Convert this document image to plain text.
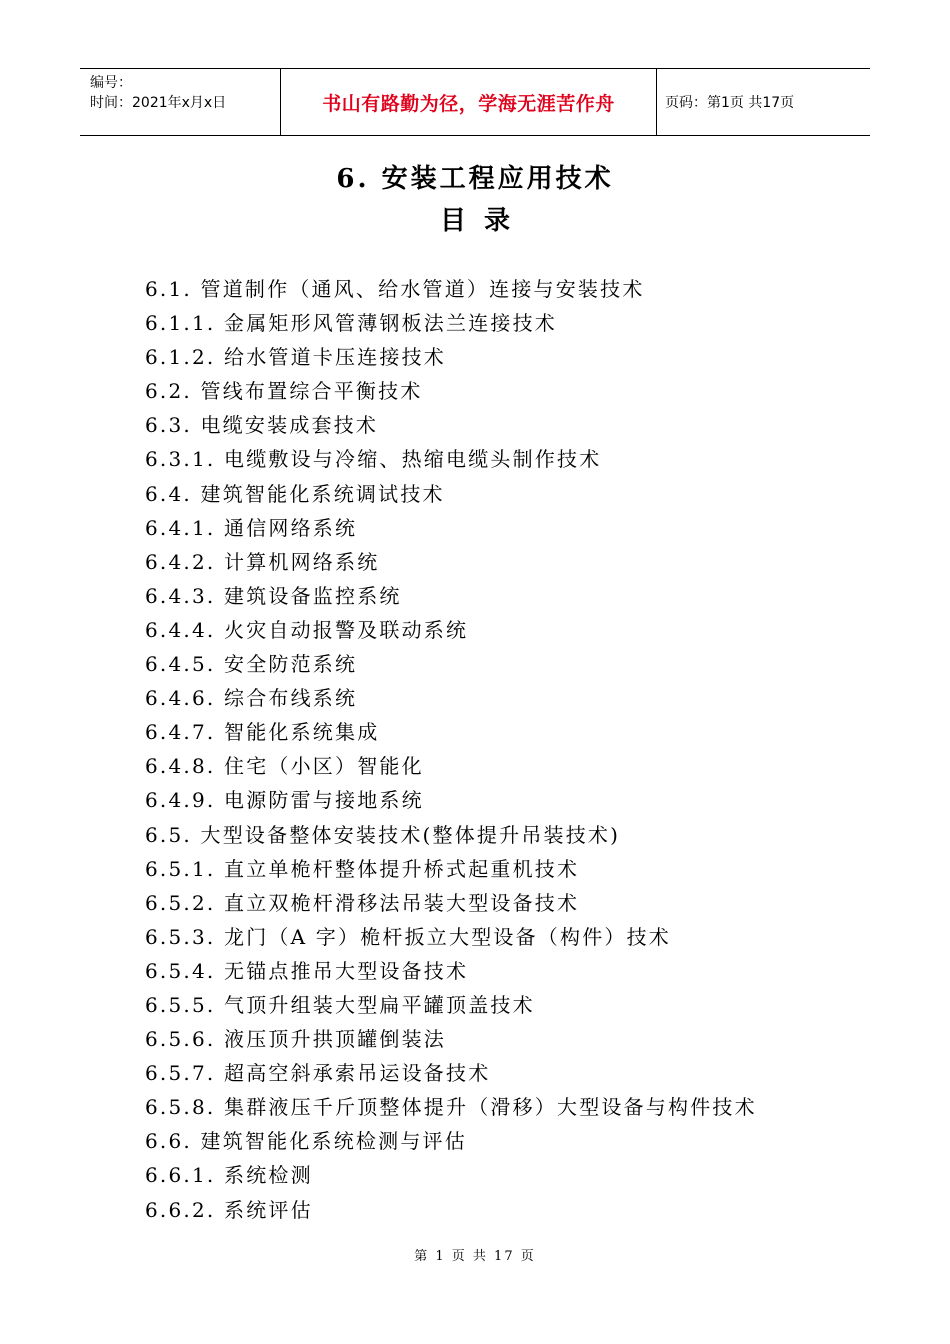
编号：
时间：2021年x月x日	书山有路勤为径，学海无涯苦作舟	页码：第1页 共17页
6. 安装工程应用技术
目  录
6.1. 管道制作（通风、给水管道）连接与安装技术
6.1.1. 金属矩形风管薄钢板法兰连接技术
6.1.2. 给水管道卡压连接技术
6.2. 管线布置综合平衡技术
6.3. 电缆安装成套技术
6.3.1. 电缆敷设与冷缩、热缩电缆头制作技术
6.4. 建筑智能化系统调试技术
6.4.1. 通信网络系统
6.4.2. 计算机网络系统
6.4.3. 建筑设备监控系统
6.4.4. 火灾自动报警及联动系统
6.4.5. 安全防范系统
6.4.6. 综合布线系统
6.4.7. 智能化系统集成
6.4.8. 住宅（小区）智能化
6.4.9. 电源防雷与接地系统
6.5. 大型设备整体安装技术(整体提升吊装技术)
6.5.1. 直立单桅杆整体提升桥式起重机技术
6.5.2. 直立双桅杆滑移法吊装大型设备技术
6.5.3. 龙门（A 字）桅杆扳立大型设备（构件）技术
6.5.4. 无锚点推吊大型设备技术
6.5.5. 气顶升组装大型扁平罐顶盖技术
6.5.6. 液压顶升拱顶罐倒装法
6.5.7. 超高空斜承索吊运设备技术
6.5.8. 集群液压千斤顶整体提升（滑移）大型设备与构件技术
6.6. 建筑智能化系统检测与评估
6.6.1. 系统检测
6.6.2. 系统评估
第 1 页 共 17 页
